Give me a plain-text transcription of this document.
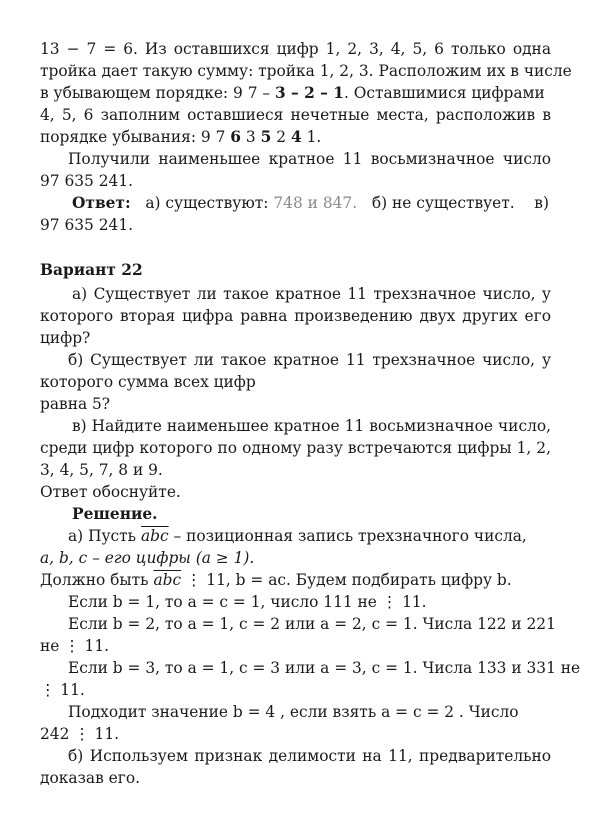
13 − 7 = 6. Из оставшихся цифр 1, 2, 3, 4, 5, 6 только одна
тройка дает такую сумму: тройка 1, 2, 3. Расположим их в числе
в убывающем порядке: 9 7 – 3 – 2 – 1. Оставшимися цифрами
4, 5, 6 заполним оставшиеся нечетные места, расположив в
порядке убывания: 9 7 6 3 5 2 4 1.
Получили наименьшее кратное 11 восьмизначное число
97 635 241.
Ответ: а) существуют: 748 и 847. б) не существует. в)
97 635 241.
Вариант 22
а) Существует ли такое кратное 11 трехзначное число, у
которого вторая цифра равна произведению двух других его
цифр?
б) Существует ли такое кратное 11 трехзначное число, у
которого сумма всех цифр
равна 5?
в) Найдите наименьшее кратное 11 восьмизначное число,
среди цифр которого по одному разу встречаются цифры 1, 2,
3, 4, 5, 7, 8 и 9.
Ответ обоснуйте.
Решение.
а) Пусть $\overline{abc}$ – позиционная запись трехзначного числа,
a, b, c – его цифры (a ≥ 1).
Должно быть $\overline{abc}$ ⋮ 11, b = ac. Будем подбирать цифру b.
Если b = 1, то a = c = 1, число 111 не ⋮ 11.
Если b = 2, то a = 1, c = 2 или a = 2, c = 1. Числа 122 и 221
не ⋮ 11.
Если b = 3, то a = 1, c = 3 или a = 3, c = 1. Числа 133 и 331 не
⋮ 11.
Подходит значение b = 4 , если взять a = c = 2 . Число
242 ⋮ 11.
б) Используем признак делимости на 11, предварительно
доказав его.
